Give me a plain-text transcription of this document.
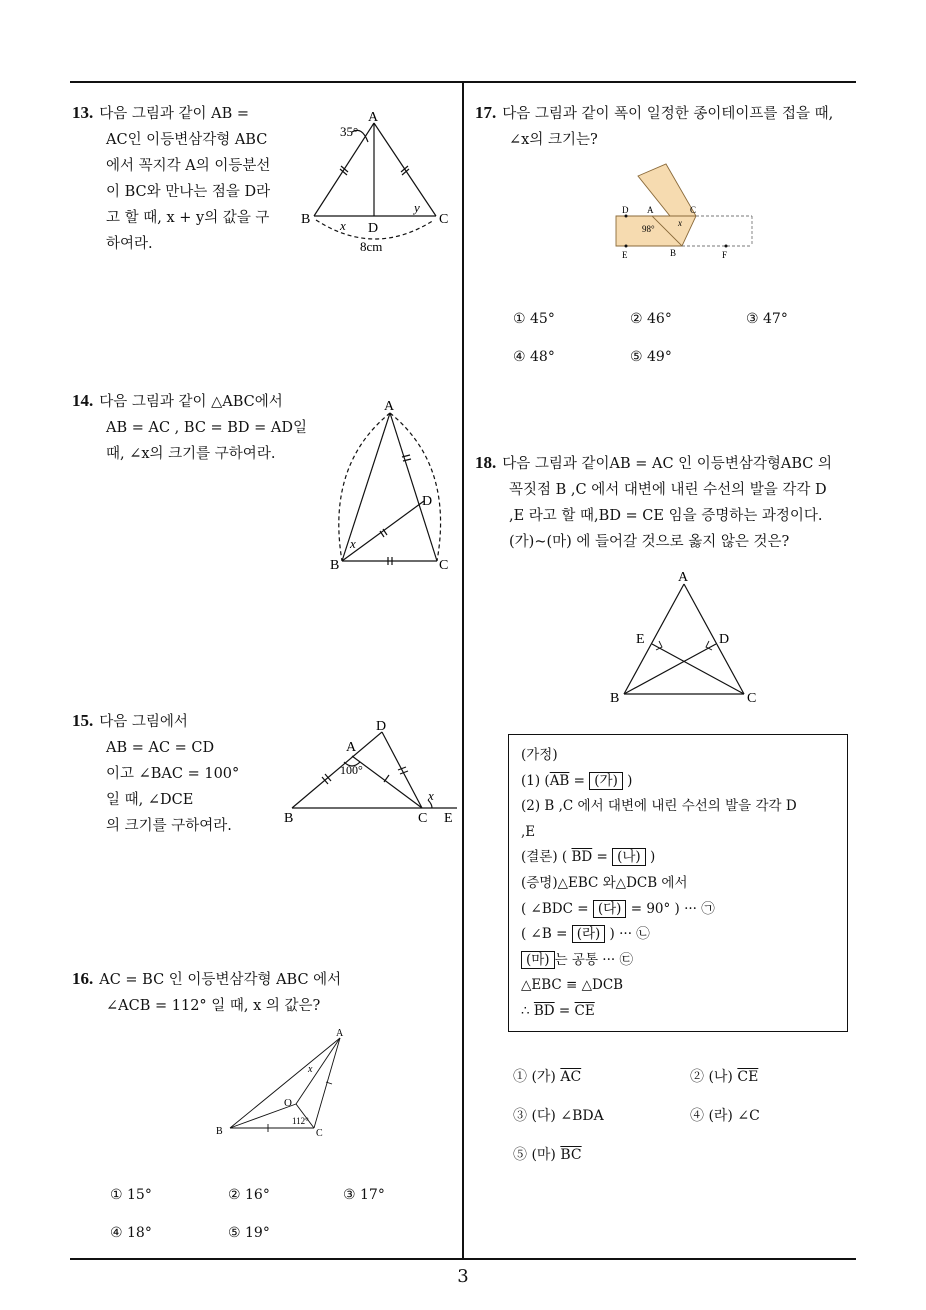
13. 다음 그림과 같이 AB =
AC인 이등변삼각형 ABC
에서 꼭지각 A의 이등분선
이 BC와 만나는 점을 D라
고 할 때, x + y의 값을 구
하여라.
A
B	C
D
35°
x
y
8cm
14. 다음 그림과 같이 △ABC에서
AB = AC , BC = BD = AD일
때, ∠x의 크기를 구하여라.
A
B	C
D
x
15. 다음 그림에서
AB = AC = CD
이고 ∠BAC = 100°
일 때, ∠DCE
의 크기를 구하여라.
A
B	C
D
E
100°
x
16. AC = BC 인 이등변삼각형 ABC 에서
∠ACB = 112° 일 때, x 의 값은?
A
B	C
O
x
112°
① 15°	② 16°	③ 17°
④ 18°	⑤ 19°
17. 다음 그림과 같이 폭이 일정한 종이테이프를 접을 때,
∠x의 크기는?
D A	C
E	B	F
98°
x
① 45°	② 46°	③ 47°
④ 48°	⑤ 49°
18. 다음 그림과 같이AB = AC 인 이등변삼각형ABC 의
꼭짓점 B ,C 에서 대변에 내린 수선의 발을 각각 D
,E 라고 할 때,BD = CE 임을 증명하는 과정이다.
(가)~(마) 에 들어갈 것으로 옳지 않은 것은?
A
B	C
D
E
(가정)
(1) ($\overline{AB}$ = (가) )
(2) B ,C 에서 대변에 내린 수선의 발을 각각 D
,E
(결론) ( $\overline{BD}$ = (나) )
(증명)△EBC 와△DCB 에서
( ∠BDC = (다) = 90° ) ··· ㉠
( ∠B = (라) ) ··· ㉡
(마) 는 공통 ··· ㉢
△EBC ≡ △DCB
∴ $\overline{BD} = \overline{CE}$
① (가) $\overline{AC}$	② (나) $\overline{CE}$
③ (다) ∠BDA	④ (라) ∠C
⑤ (마) $\overline{BC}$
3
